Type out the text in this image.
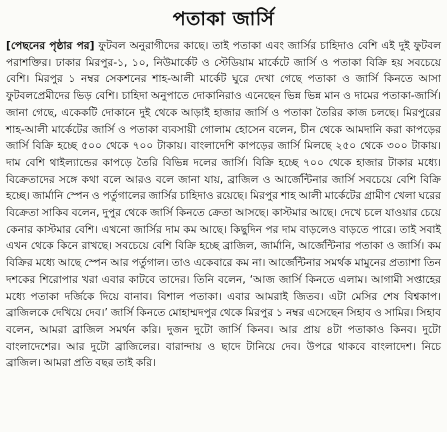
পতাকা জার্সি

[পেছনের পৃষ্ঠার পর] ফুটবল অনুরাগীদের কাছে। তাই পতাকা এবং জার্সির চাহিদাও বেশি এই দুই ফুটবল পরাশক্তির। ঢাকার মিরপুর-১, ১০, নিউমার্কেট ও স্টেডিয়াম মার্কেটে জার্সি ও পতাকা বিক্রি হয় সবচেয়ে বেশি। মিরপুর ১ নম্বর সেকশনের শাহ-আলী মার্কেট ঘুরে দেখা গেছে পতাকা ও জার্সি কিনতে আসা ফুটবলপ্রেমীদের ভিড় বেশি। চাহিদা অনুপাতে দোকানিরাও এনেছেন ভিন্ন ভিন্ন মান ও দামের পতাকা-জার্সি। জানা গেছে, একেকটি দোকানে দুই থেকে আড়াই হাজার জার্সি ও পতাকা তৈরির কাজ চলছে। মিরপুরের শাহ-আলী মার্কেটের জার্সি ও পতাকা ব্যবসায়ী গোলাম হোসেন বলেন, চীন থেকে আমদানি করা কাপড়ের জার্সি বিক্রি হচ্ছে ৫০০ থেকে ৭০০ টাকায়। বাংলাদেশি কাপড়ের জার্সি মিলছে ২৫০ থেকে ৩০০ টাকায়। দাম বেশি থাইল্যান্ডের কাপড়ে তৈরি বিভিন্ন দলের জার্সি। বিক্রি হচ্ছে ৭০০ থেকে হাজার টাকার মধ্যে। বিক্রেতাদের সঙ্গে কথা বলে আরও বলে জানা যায়, ব্রাজিল ও আর্জেন্টিনার জার্সি সবচেয়ে বেশি বিক্রি হচ্ছে। জার্মানি স্পেন ও পর্তুগালের জার্সির চাহিদাও রয়েছে। মিরপুর শাহ আলী মার্কেটের গ্রামীণ খেলা ঘরের বিক্রেতা সাকিব বলেন, দুপুর থেকে জার্সি কিনতে ক্রেতা আসছে। কাস্টমার আছে। দেখে চলে যাওয়ার চেয়ে কেনার কাস্টমার বেশি। এখনো জার্সির দাম কম আছে। কিছুদিন পর দাম বাড়লেও বাড়তে পারে। তাই সবাই এখন থেকে কিনে রাখছে। সবচেয়ে বেশি বিক্রি হচ্ছে ব্রাজিল, জার্মানি, আর্জেন্টিনার পতাকা ও জার্সি। কম বিক্রির মধ্যে আছে স্পেন আর পর্তুগাল। তাও একেবারে কম না। আর্জেন্টিনার সমর্থক মামুনের প্রত্যাশা তিন দশকের শিরোপার খরা এবার কাটবে তাদের। তিনি বলেন, ‘আজ জার্সি কিনতে এলাম। আগামী সপ্তাহের মধ্যে পতাকা দর্জিকে দিয়ে বানাব। বিশাল পতাকা। এবার আমরাই জিতব। এটা মেসির শেষ বিশ্বকাপ। ব্রাজিলকে দেখিয়ে দেব।’ জার্সি কিনতে মোহাম্মদপুর থেকে মিরপুর ১ নম্বর এসেছেন সিহাব ও সামির। সিহাব বলেন, আমরা ব্রাজিল সমর্থন করি। দুজন দুটো জার্সি কিনব। আর প্রায় ৪টা পতাকাও কিনব। দুটো বাংলাদেশের। আর দুটো ব্রাজিলের। বারান্দায় ও ছাদে টানিয়ে দেব। উপরে থাকবে বাংলাদেশ। নিচে ব্রাজিল। আমরা প্রতি বছর তাই করি।
